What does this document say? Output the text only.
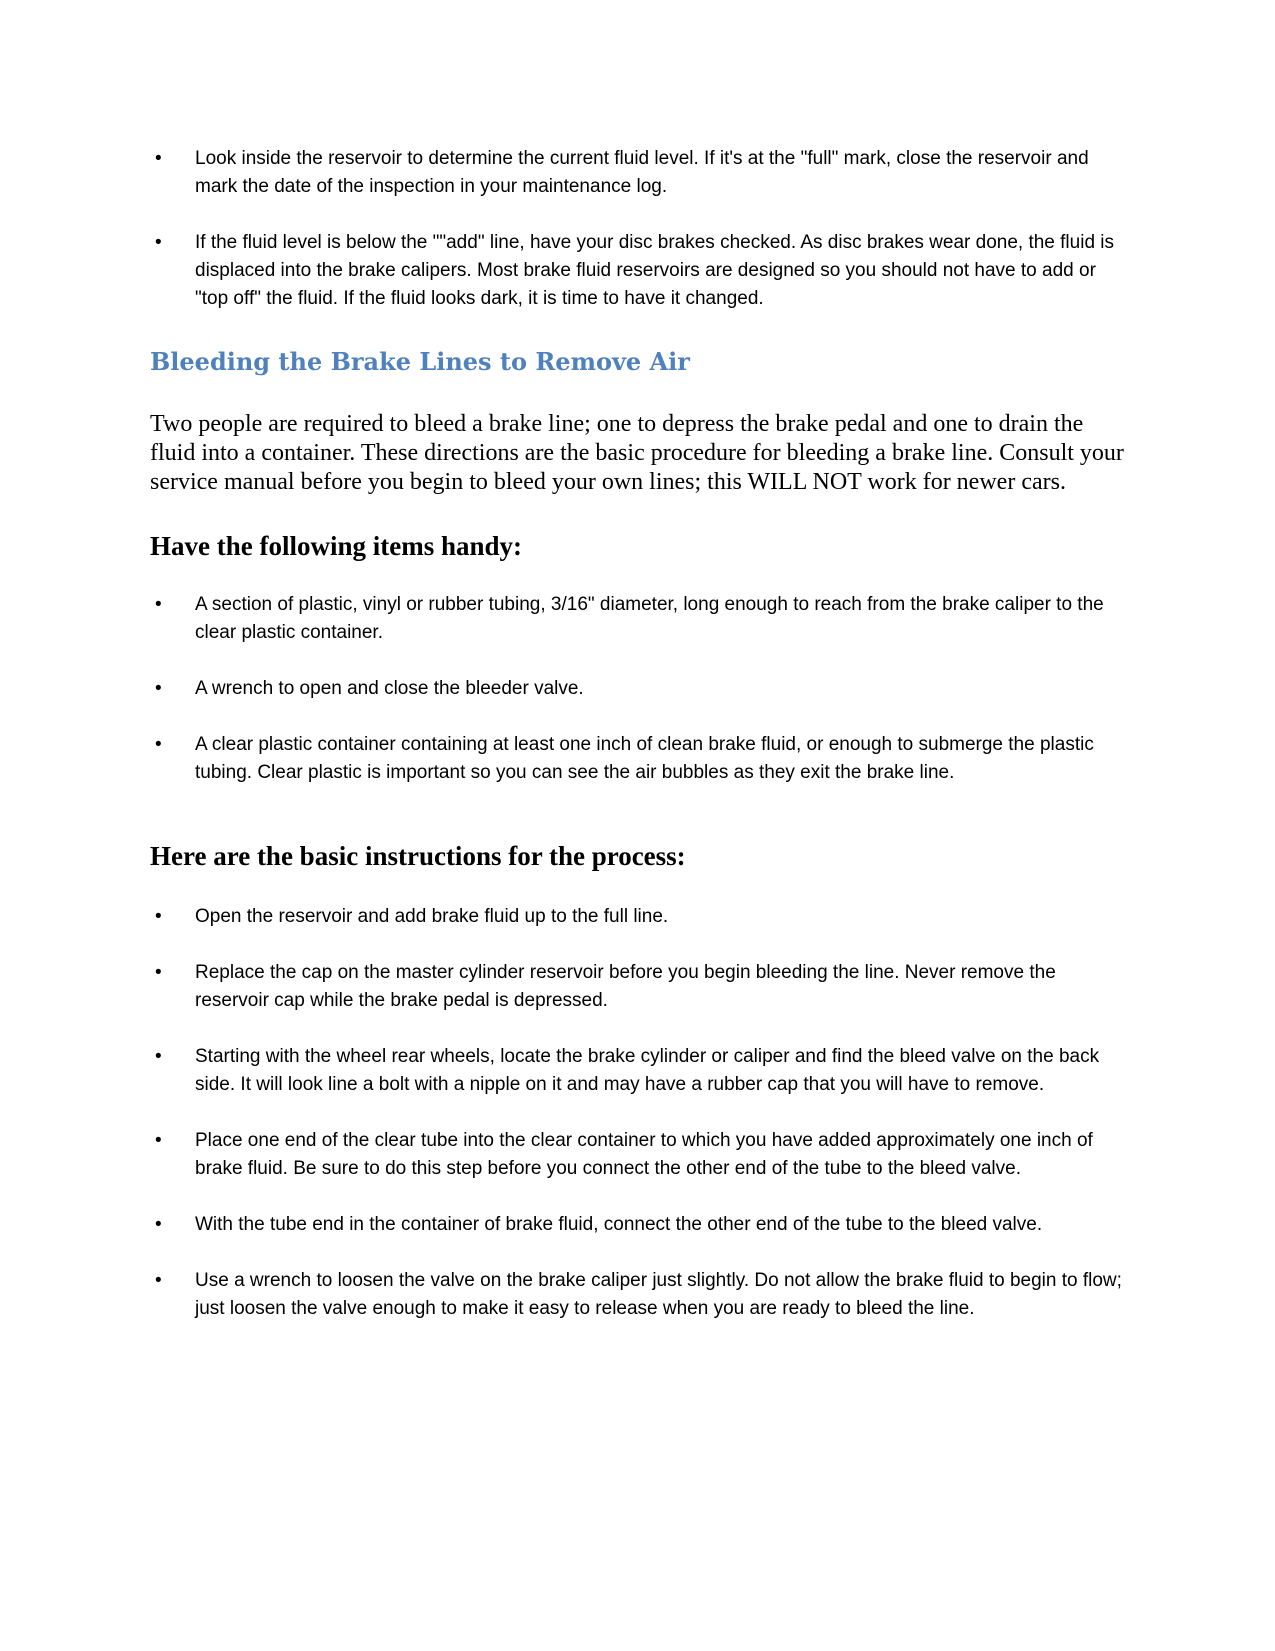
•	Look inside the reservoir to determine the current fluid level. If it's at the "full" mark, close the reservoir and mark the date of the inspection in your maintenance log.
•	If the fluid level is below the ""add" line, have your disc brakes checked. As disc brakes wear done, the fluid is displaced into the brake calipers. Most brake fluid reservoirs are designed so you should not have to add or "top off" the fluid. If the fluid looks dark, it is time to have it changed.
Bleeding the Brake Lines to Remove Air

Two people are required to bleed a brake line; one to depress the brake pedal and one to drain the fluid into a container. These directions are the basic procedure for bleeding a brake line. Consult your service manual before you begin to bleed your own lines; this WILL NOT work for newer cars.

Have the following items handy:
•	A section of plastic, vinyl or rubber tubing, 3/16" diameter, long enough to reach from the brake caliper to the clear plastic container.
•	A wrench to open and close the bleeder valve.
•	A clear plastic container containing at least one inch of clean brake fluid, or enough to submerge the plastic tubing. Clear plastic is important so you can see the air bubbles as they exit the brake line.
Here are the basic instructions for the process:
•	Open the reservoir and add brake fluid up to the full line.
•	Replace the cap on the master cylinder reservoir before you begin bleeding the line. Never remove the reservoir cap while the brake pedal is depressed.
•	Starting with the wheel rear wheels, locate the brake cylinder or caliper and find the bleed valve on the back side. It will look line a bolt with a nipple on it and may have a rubber cap that you will have to remove.
•	Place one end of the clear tube into the clear container to which you have added approximately one inch of brake fluid. Be sure to do this step before you connect the other end of the tube to the bleed valve.
•	With the tube end in the container of brake fluid, connect the other end of the tube to the bleed valve.
•	Use a wrench to loosen the valve on the brake caliper just slightly. Do not allow the brake fluid to begin to flow; just loosen the valve enough to make it easy to release when you are ready to bleed the line.
